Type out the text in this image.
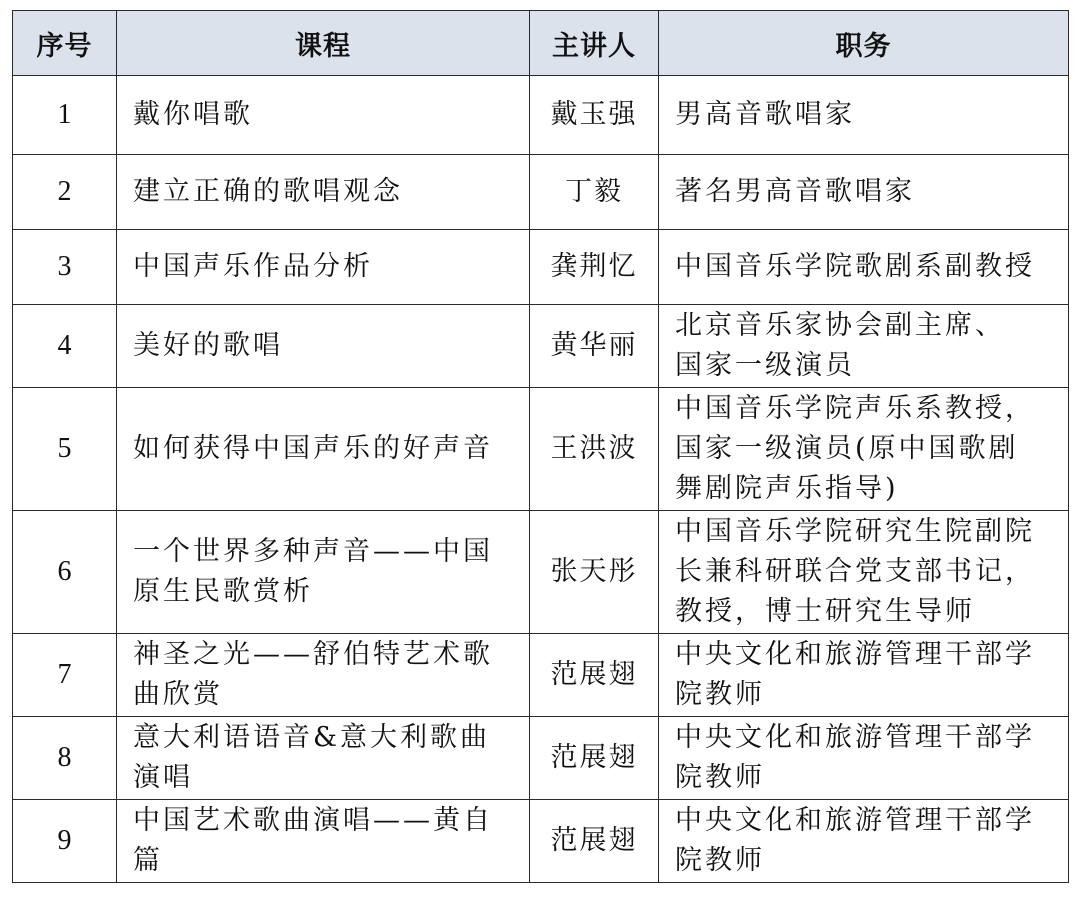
序号	课程	主讲人	职务
1	戴你唱歌	戴玉强	男高音歌唱家

2	建立正确的歌唱观念	丁毅	著名男高音歌唱家

3	中国声乐作品分析	龚荆忆	中国音乐学院歌剧系副教授

4	美好的歌唱	黄华丽	北京音乐家协会副主席、
国家一级演员

5	如何获得中国声乐的好声音	王洪波	中国音乐学院声乐系教授，
国家一级演员(原中国歌剧
舞剧院声乐指导)

6	一个世界多种声音——中国
原生民歌赏析	张天彤	中国音乐学院研究生院副院
长兼科研联合党支部书记，
教授，博士研究生导师

7	神圣之光——舒伯特艺术歌
曲欣赏	范展翅	中央文化和旅游管理干部学
院教师

8	意大利语语音&意大利歌曲
演唱	范展翅	中央文化和旅游管理干部学
院教师

9	中国艺术歌曲演唱——黄自
篇	范展翅	中央文化和旅游管理干部学
院教师
